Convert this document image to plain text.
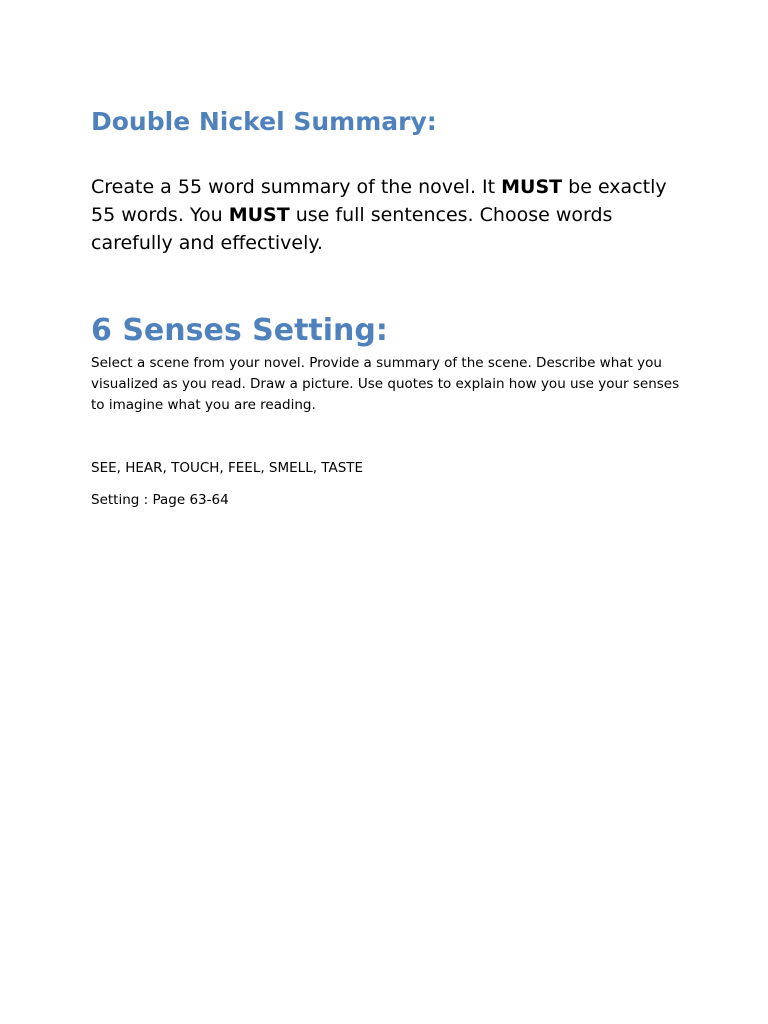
Double Nickel Summary:

Create a 55 word summary of the novel. It MUST be exactly 55 words. You MUST use full sentences. Choose words carefully and effectively.

6 Senses Setting:

Select a scene from your novel. Provide a summary of the scene. Describe what you visualized as you read. Draw a picture. Use quotes to explain how you use your senses to imagine what you are reading.

SEE, HEAR, TOUCH, FEEL, SMELL, TASTE

Setting : Page 63-64
